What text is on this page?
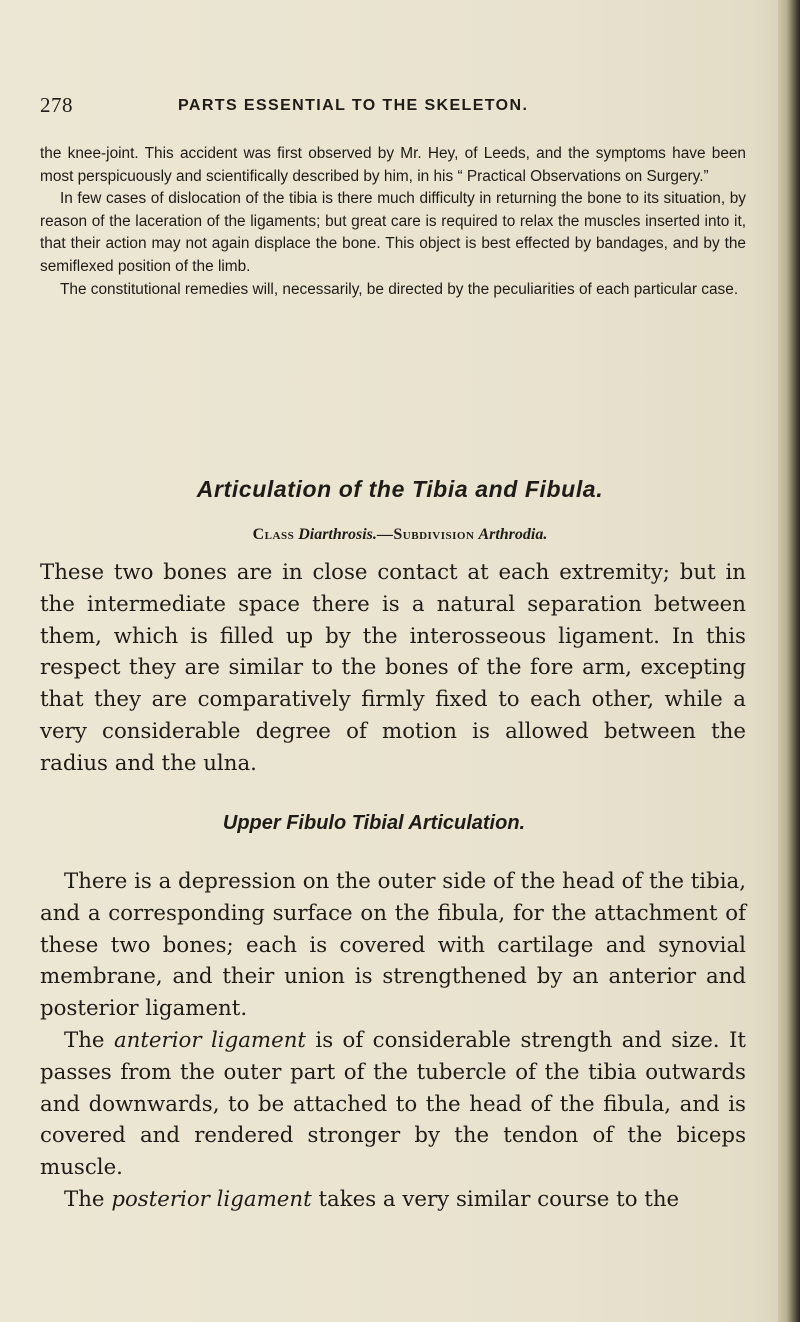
278	PARTS ESSENTIAL TO THE SKELETON.

the knee-joint. This accident was first observed by Mr. Hey, of Leeds, and the symptoms have been most perspicuously and scientifically described by him, in his “ Practical Observations on Surgery.”

In few cases of dislocation of the tibia is there much difficulty in returning the bone to its situation, by reason of the laceration of the ligaments; but great care is required to relax the muscles inserted into it, that their action may not again displace the bone. This object is best effected by bandages, and by the semiflexed position of the limb.

The constitutional remedies will, necessarily, be directed by the peculiarities of each particular case.

Articulation of the Tibia and Fibula.
Class Diarthrosis.—Subdivision Arthrodia.

These two bones are in close contact at each extremity; but in the intermediate space there is a natural separation between them, which is filled up by the interosseous ligament. In this respect they are similar to the bones of the fore arm, excepting that they are comparatively firmly fixed to each other, while a very considerable degree of motion is allowed between the radius and the ulna.

Upper Fibulo Tibial Articulation.

There is a depression on the outer side of the head of the tibia, and a corresponding surface on the fibula, for the attachment of these two bones; each is covered with cartilage and synovial membrane, and their union is strengthened by an anterior and posterior ligament.

The anterior ligament is of considerable strength and size. It passes from the outer part of the tubercle of the tibia outwards and downwards, to be attached to the head of the fibula, and is covered and rendered stronger by the tendon of the biceps muscle.

The posterior ligament takes a very similar course to the
